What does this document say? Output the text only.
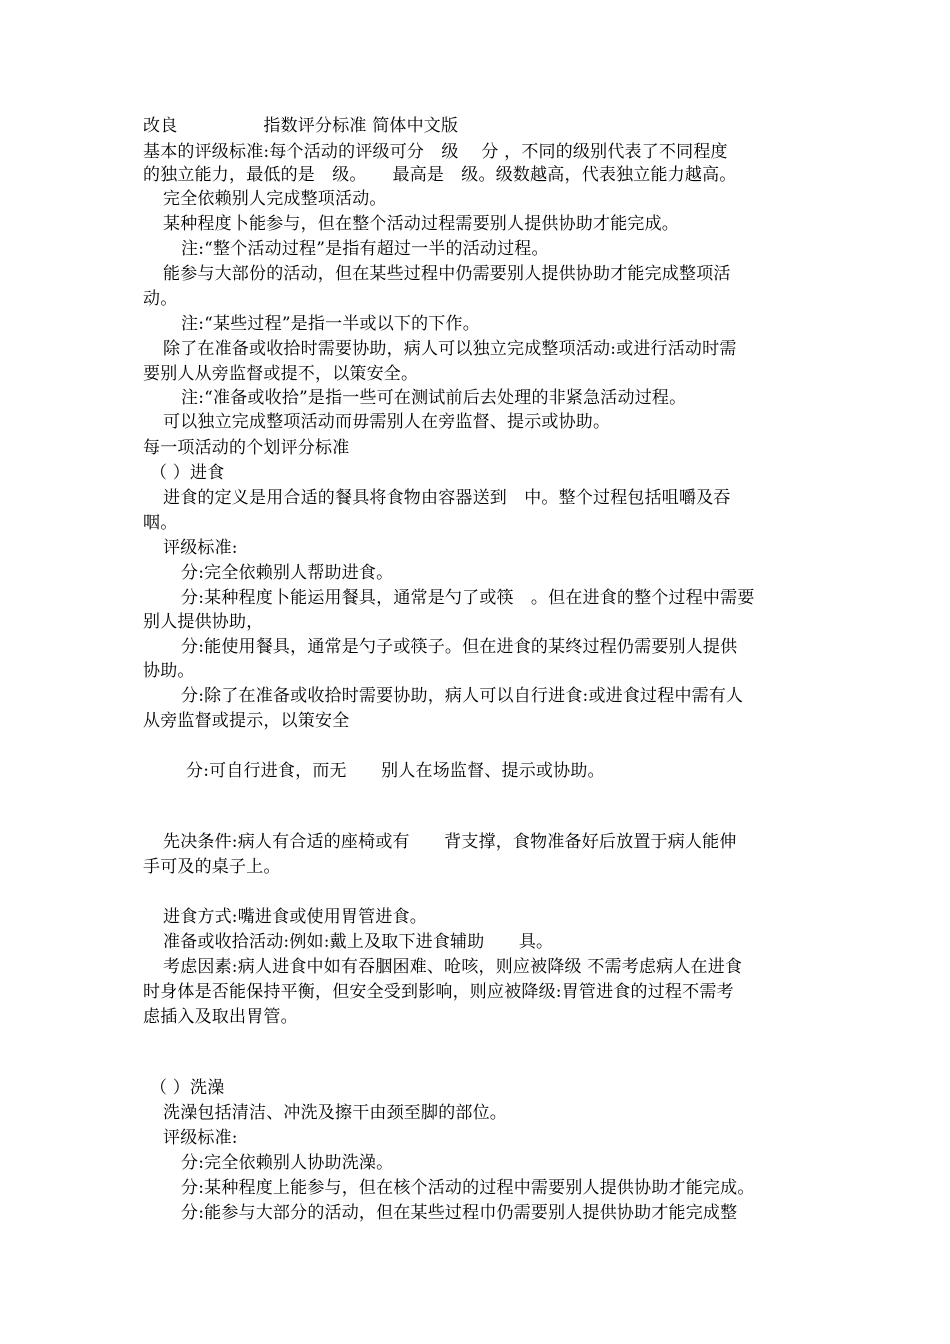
改良　　　　　指数评分标准 简体中文版
基本的评级标准:每个活动的评级可分　级　 分 ，不同的级别代表了不同程度
的独立能力，最低的是　级。　　最高是　级。级数越高，代表独立能力越高。
完全依赖别人完成整项活动。
某种程度卜能参与，但在整个活动过程需要别人提供协助才能完成。
注:“整个活动过程”是指有超过一半的活动过程。
能参与大部份的活动，但在某些过程中仍需要别人提供协助才能完成整项活
动。
注:“某些过程”是指一半或以下的下作。
除了在准备或收拾时需要协助，病人可以独立完成整项活动:或进行活动时需
要别人从旁监督或提不，以策安全。
注:“准备或收拾”是指一些可在测试前后去处理的非紧急活动过程。
可以独立完成整项活动而毋需别人在旁监督、提示或协助。
每一项活动的个划评分标准
（ ）进食
进食的定义是用合适的餐具将食物由容器送到　中。整个过程包括咀嚼及吞
咽。
评级标准:
分:完全依赖别人帮助进食。
分:某种程度卜能运用餐具，通常是勺了或筷　。但在进食的整个过程中需要
别人提供协助，
分:能使用餐具，通常是勺子或筷子。但在进食的某终过程仍需要别人提供
协助。
分:除了在准备或收拾时需要协助，病人可以自行进食:或进食过程中需有人
从旁监督或提示，以策安全
分:可自行进食，而无　　别人在场监督、提示或协助。
先决条件:病人有合适的座椅或有　　背支撑，食物准备好后放置于病人能伸
手可及的桌子上。
进食方式:嘴进食或使用胃管进食。
准备或收拾活动:例如:戴上及取下进食辅助　　具。
考虑因素:病人进食中如有吞胭困难、呛咳，则应被降级 不需考虑病人在进食
时身体是否能保持平衡，但安全受到影响，则应被降级:胃管进食的过程不需考
虑插入及取出胃管。
（ ）洗澡
洗澡包括清洁、冲洗及擦干由颈至脚的部位。
评级标准:
分:完全依赖别人协助洗澡。
分:某种程度上能参与，但在核个活动的过程中需要别人提供协助才能完成。
分:能参与大部分的活动，但在某些过程巾仍需要别人提供协助才能完成整
